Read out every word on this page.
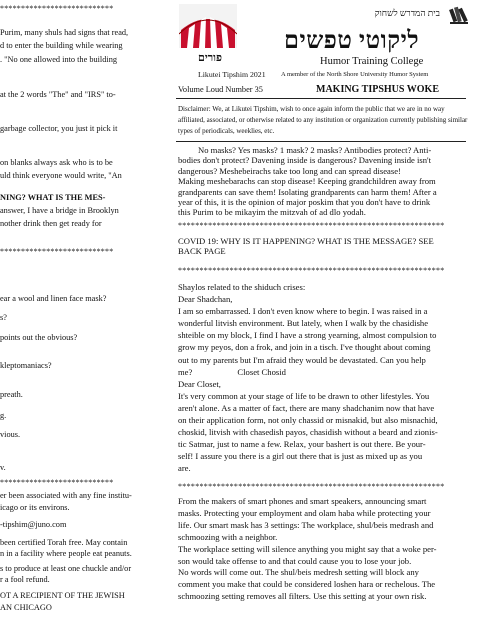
***************************
Purim, many shuls had signs that read,
d to enter the building while wearing
. "No one allowed into the building
at the 2 words "The" and "IRS" to-
garbage collector, you just it pick it
on blanks always ask who is to be
uld think everyone would write, "An
NING? WHAT IS THE MES-
answer, I have a bridge in Brooklyn
nother drink then get ready for
***************************
ear a wool and linen face mask?
s?
points out the obvious?
kleptomaniacs?
preath.
g.
vious.
v.
***************************
er been associated with any fine institu-
icago or its environs.
-tipshim@juno.com
been certified Torah free. May contain
n in a facility where people eat peanuts.
s to produce at least one chuckle and/or
r a fool refund.
OT A RECIPIENT OF THE JEWISH
AN CHICAGO
בית המדרש לשחוק
ליקוטי טפשים
פורים	Humor Training College
Likutei Tipshim 2021 A member of the North Shore University Humor System
Volume Loud Number 35	MAKING TIPSHUS WOKE
Disclaimer: We, at Likutei Tipshim, wish to once again inform the public that we are in no way affiliated, associated, or otherwise related to any institution or organization currently publishing similar types of periodicals, weeklies, etc.
No masks? Yes masks? 1 mask? 2 masks? Antibodies protect? Anti-
bodies don't protect? Davening inside is dangerous? Davening inside isn't
dangerous? Meshebeirachs take too long and can spread disease!
Making meshebarachs can stop disease! Keeping grandchildren away from
grandparents can save them! Isolating grandparents can harm them! After a
year of this, it is the opinion of major poskim that you don't have to drink
this Purim to be mikayim the mitzvah of ad dlo yodah.
**************************************************************
COVID 19: WHY IS IT HAPPENING? WHAT IS THE MESSAGE? SEE
BACK PAGE
**************************************************************
Shaylos related to the shiduch crises:
Dear Shadchan,
I am so embarrassed. I don't even know where to begin. I was raised in a
wonderful litvish environment. But lately, when I walk by the chasidishe
shteible on my block, I find I have a strong yearning, almost compulsion to
grow my peyos, don a frok, and join in a tisch. I've thought about coming
out to my parents but I'm afraid they would be devastated. Can you help
me?                     Closet Chosid
Dear Closet,
It's very common at your stage of life to be drawn to other lifestyles. You
aren't alone. As a matter of fact, there are many shadchanim now that have
on their application form, not only chassid or misnakid, but also misnachid,
choskid, litvish with chasedish payos, chasidish without a beard and zionis-
tic Satmar, just to name a few. Relax, your bashert is out there. Be your-
self! I assure you there is a girl out there that is just as mixed up as you
are.
**************************************************************
From the makers of smart phones and smart speakers, announcing smart
masks. Protecting your employment and olam haba while protecting your
life. Our smart mask has 3 settings: The workplace, shul/beis medrash and
schmoozing with a neighbor.
The workplace setting will silence anything you might say that a woke per-
son would take offense to and that could cause you to lose your job.
No words will come out. The shul/beis medresh setting will block any
comment you make that could be considered loshen hara or rechelous. The
schmoozing setting removes all filters. Use this setting at your own risk.
